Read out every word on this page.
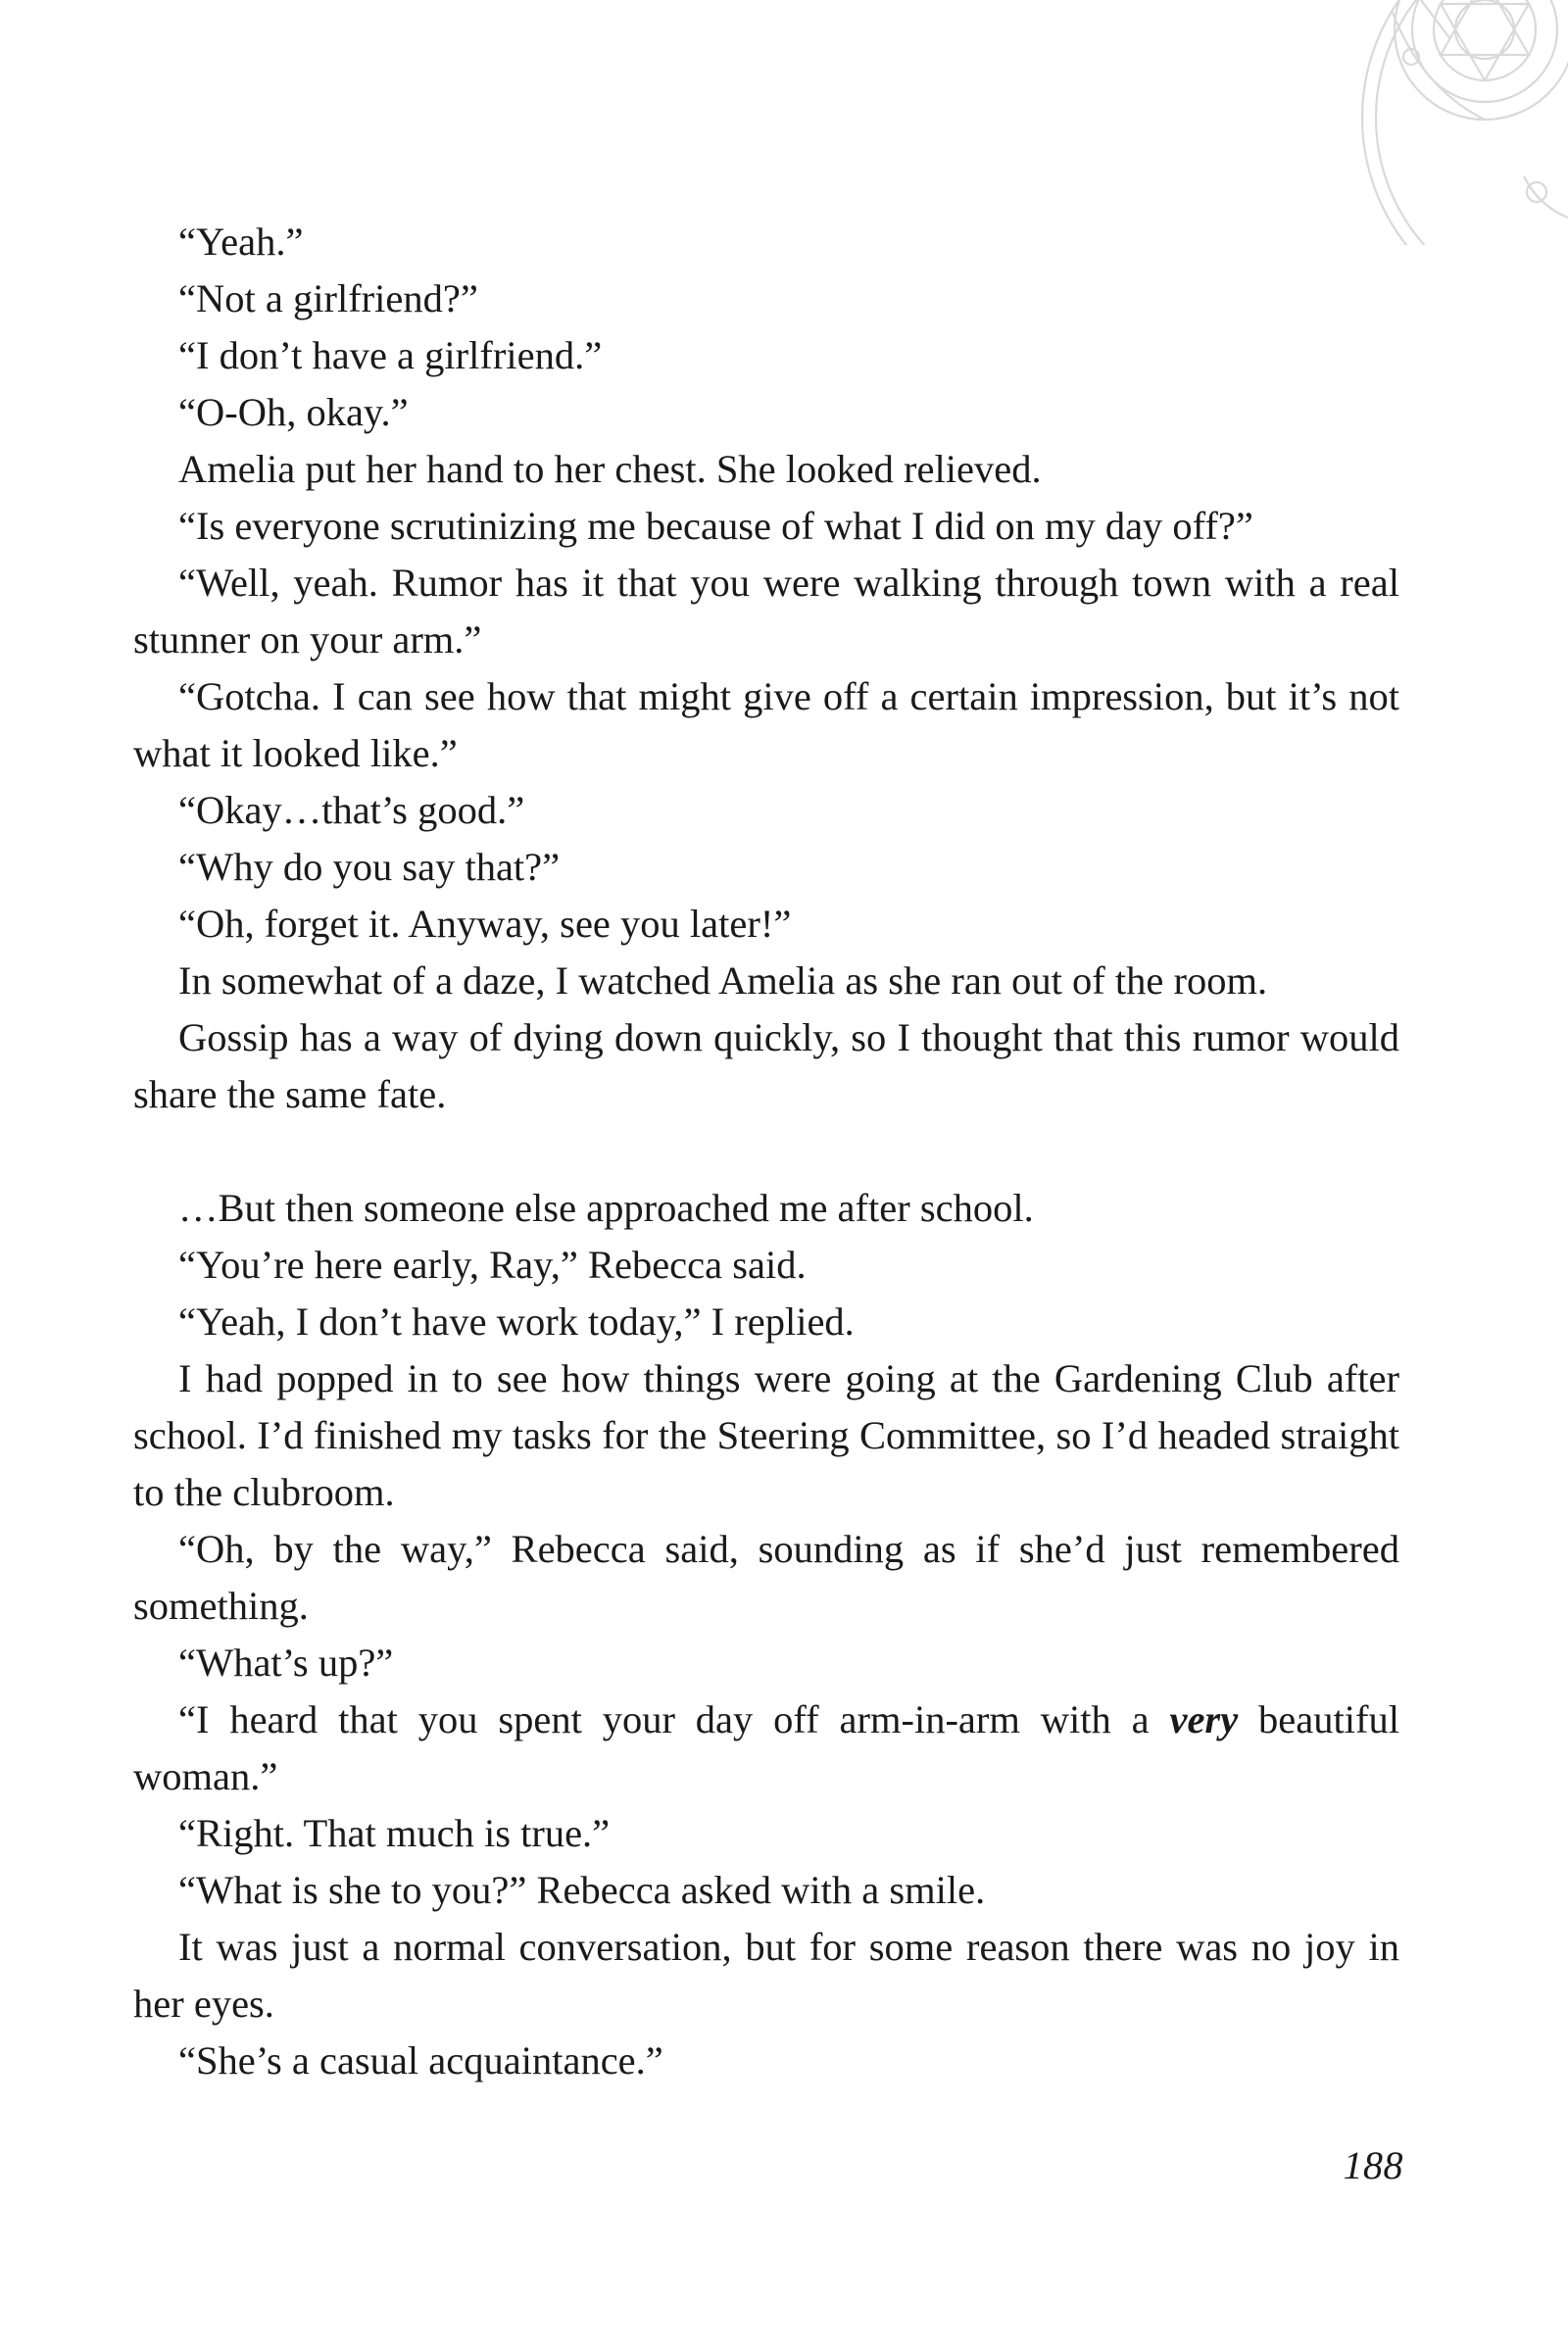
“Yeah.”

“Not a girlfriend?”

“I don’t have a girlfriend.”

“O-Oh, okay.”

Amelia put her hand to her chest. She looked relieved.

“Is everyone scrutinizing me because of what I did on my day off?”

“Well, yeah. Rumor has it that you were walking through town with a real stunner on your arm.”

“Gotcha. I can see how that might give off a certain impression, but it’s not what it looked like.”

“Okay…that’s good.”

“Why do you say that?”

“Oh, forget it. Anyway, see you later!”

In somewhat of a daze, I watched Amelia as she ran out of the room.

Gossip has a way of dying down quickly, so I thought that this rumor would share the same fate.

…But then someone else approached me after school.

“You’re here early, Ray,” Rebecca said.

“Yeah, I don’t have work today,” I replied.

I had popped in to see how things were going at the Gardening Club after school. I’d finished my tasks for the Steering Committee, so I’d headed straight to the clubroom.

“Oh, by the way,” Rebecca said, sounding as if she’d just remembered something.

“What’s up?”

“I heard that you spent your day off arm-in-arm with a very beautiful woman.”

“Right. That much is true.”

“What is she to you?” Rebecca asked with a smile.

It was just a normal conversation, but for some reason there was no joy in her eyes.

“She’s a casual acquaintance.”

188
